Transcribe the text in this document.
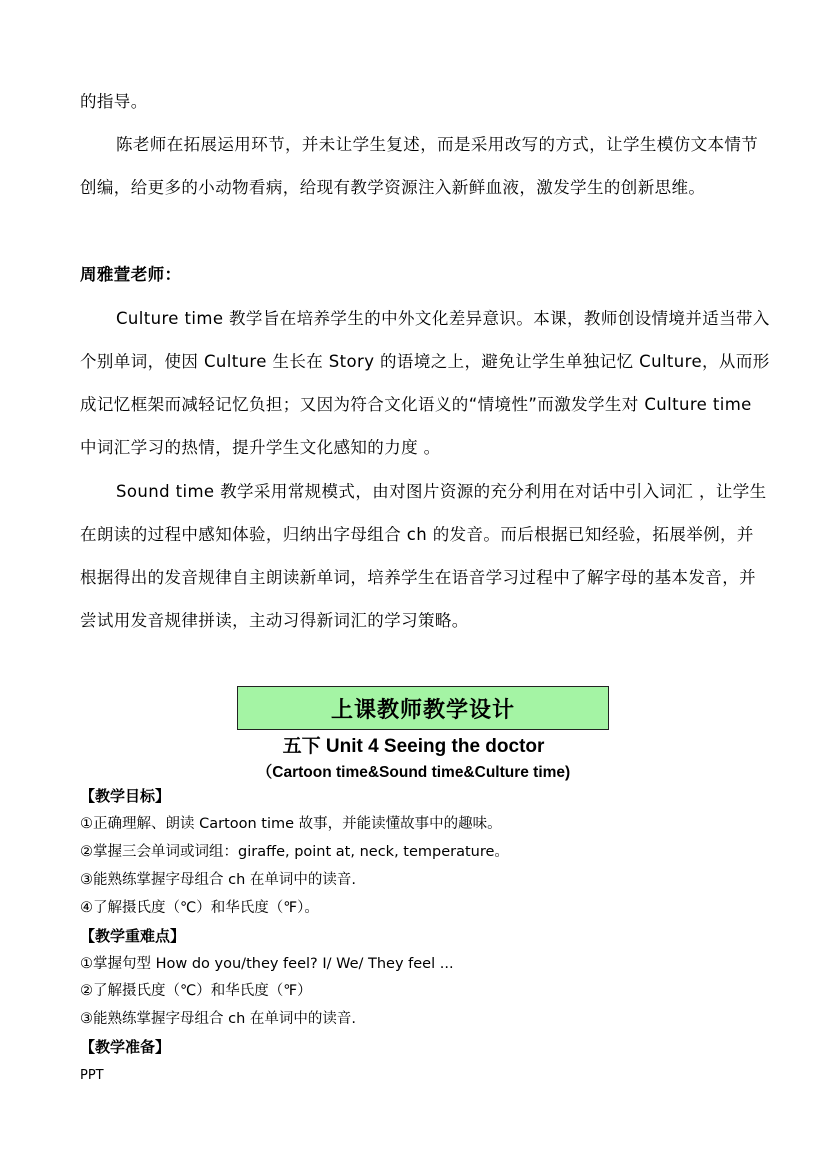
的指导。

陈老师在拓展运用环节，并未让学生复述，而是采用改写的方式，让学生模仿文本情节创编，给更多的小动物看病，给现有教学资源注入新鲜血液，激发学生的创新思维。

周雅萱老师：

Culture time 教学旨在培养学生的中外文化差异意识。本课，教师创设情境并适当带入个别单词，使因 Culture 生长在 Story 的语境之上，避免让学生单独记忆 Culture，从而形成记忆框架而减轻记忆负担；又因为符合文化语义的“情境性”而激发学生对 Culture time 中词汇学习的热情，提升学生文化感知的力度 。

Sound time 教学采用常规模式，由对图片资源的充分利用在对话中引入词汇 ，让学生在朗读的过程中感知体验，归纳出字母组合 ch 的发音。而后根据已知经验，拓展举例，并根据得出的发音规律自主朗读新单词，培养学生在语音学习过程中了解字母的基本发音，并尝试用发音规律拼读，主动习得新词汇的学习策略。

上课教师教学设计
五下 Unit 4 Seeing the doctor
（Cartoon time&Sound time&Culture time)

【教学目标】

①正确理解、朗读 Cartoon time 故事，并能读懂故事中的趣味。

②掌握三会单词或词组：giraffe, point at, neck, temperature。

③能熟练掌握字母组合 ch 在单词中的读音.

④了解摄氏度（℃）和华氏度（℉）。

【教学重难点】

①掌握句型 How do you/they feel? I/ We/ They feel ...

②了解摄氏度（℃）和华氏度（℉）

③能熟练掌握字母组合 ch 在单词中的读音.

【教学准备】

PPT
